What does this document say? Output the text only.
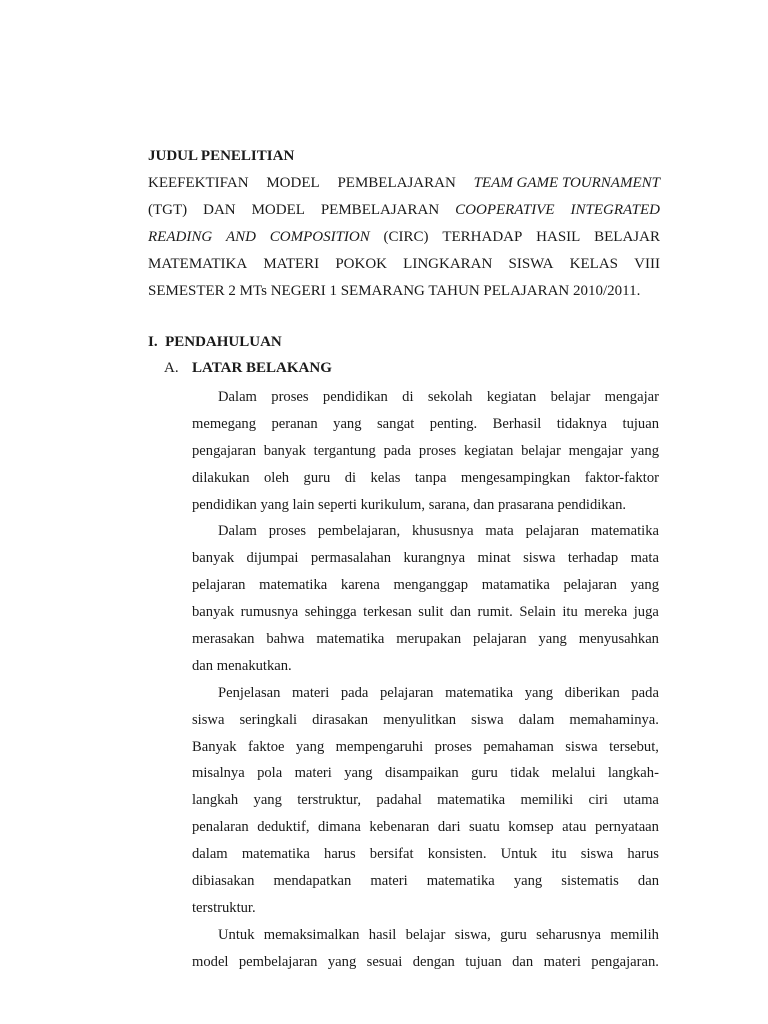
JUDUL PENELITIAN
KEEFEKTIFAN MODEL PEMBELAJARAN TEAM GAME TOURNAMENT
(TGT) DAN MODEL PEMBELAJARAN COOPERATIVE INTEGRATED
READING AND COMPOSITION (CIRC) TERHADAP HASIL BELAJAR
MATEMATIKA MATERI POKOK LINGKARAN SISWA KELAS VIII
SEMESTER 2 MTs NEGERI 1 SEMARANG TAHUN PELAJARAN 2010/2011.
I. PENDAHULUAN
A. LATAR BELAKANG
Dalam proses pendidikan di sekolah kegiatan belajar mengajar
memegang peranan yang sangat penting. Berhasil tidaknya tujuan
pengajaran banyak tergantung pada proses kegiatan belajar mengajar yang
dilakukan oleh guru di kelas tanpa mengesampingkan faktor-faktor
pendidikan yang lain seperti kurikulum, sarana, dan prasarana pendidikan.
Dalam proses pembelajaran, khususnya mata pelajaran matematika
banyak dijumpai permasalahan kurangnya minat siswa terhadap mata
pelajaran matematika karena menganggap matamatika pelajaran yang
banyak rumusnya sehingga terkesan sulit dan rumit. Selain itu mereka juga
merasakan bahwa matematika merupakan pelajaran yang menyusahkan
dan menakutkan.
Penjelasan materi pada pelajaran matematika yang diberikan pada
siswa seringkali dirasakan menyulitkan siswa dalam memahaminya.
Banyak faktoe yang mempengaruhi proses pemahaman siswa tersebut,
misalnya pola materi yang disampaikan guru tidak melalui langkah-
langkah yang terstruktur, padahal matematika memiliki ciri utama
penalaran deduktif, dimana kebenaran dari suatu komsep atau pernyataan
dalam matematika harus bersifat konsisten. Untuk itu siswa harus
dibiasakan mendapatkan materi matematika yang sistematis dan
terstruktur.
Untuk memaksimalkan hasil belajar siswa, guru seharusnya memilih
model pembelajaran yang sesuai dengan tujuan dan materi pengajaran.
